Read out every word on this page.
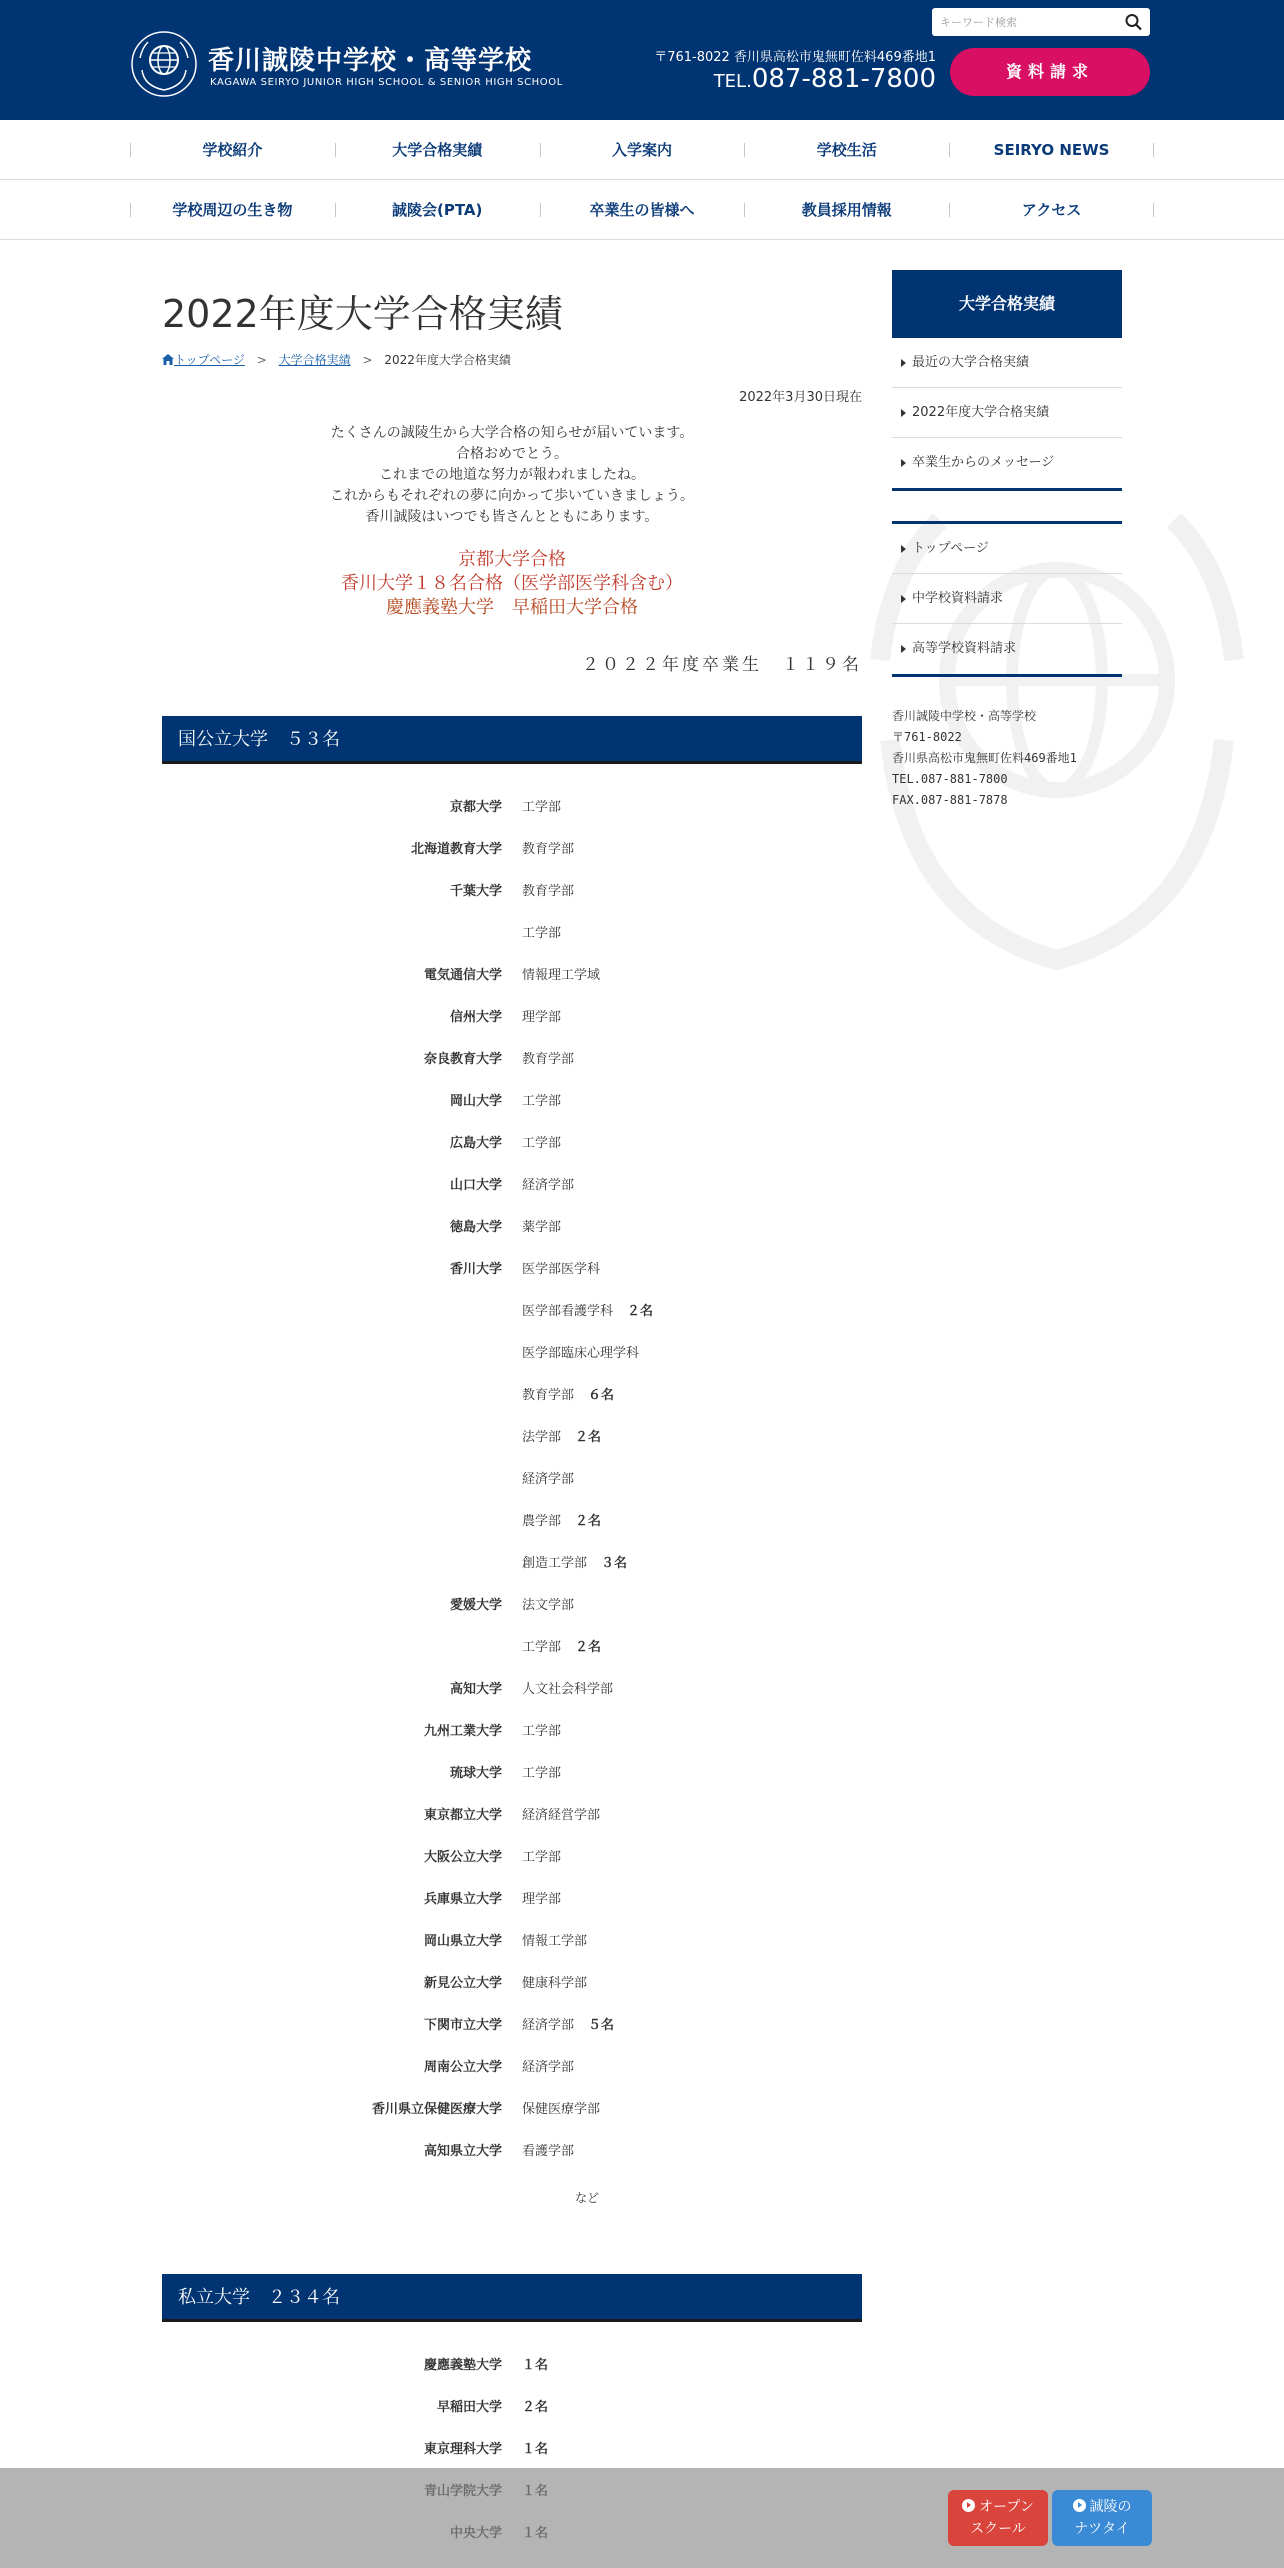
香川誠陵中学校・高等学校
KAGAWA SEIRYO JUNIOR HIGH SCHOOL & SENIOR HIGH SCHOOL
キーワード検索
〒761-8022 香川県高松市鬼無町佐料469番地1
TEL.087-881-7800	資料請求
学校紹介	大学合格実績	入学案内	学校生活	SEIRYO NEWS
学校周辺の生き物	誠陵会(PTA)	卒業生の皆様へ	教員採用情報	アクセス
2022年度大学合格実績
トップページ > 大学合格実績 > 2022年度大学合格実績
2022年3月30日現在
たくさんの誠陵生から大学合格の知らせが届いています。
合格おめでとう。
これまでの地道な努力が報われましたね。
これからもそれぞれの夢に向かって歩いていきましょう。
香川誠陵はいつでも皆さんとともにあります。
京都大学合格
香川大学１８名合格（医学部医学科含む）
慶應義塾大学　早稲田大学合格
２０２２年度卒業生　１１９名
国公立大学　５３名
京都大学 工学部
北海道教育大学 教育学部
千葉大学 教育学部
工学部
電気通信大学 情報理工学域
信州大学 理学部
奈良教育大学 教育学部
岡山大学 工学部
広島大学 工学部
山口大学 経済学部
徳島大学 薬学部
香川大学 医学部医学科
医学部看護学科 ２名
医学部臨床心理学科
教育学部 ６名
法学部 ２名
経済学部
農学部 ２名
創造工学部 ３名
愛媛大学 法文学部
工学部 ２名
高知大学 人文社会科学部
九州工業大学 工学部
琉球大学 工学部
東京都立大学 経済経営学部
大阪公立大学 工学部
兵庫県立大学 理学部
岡山県立大学 情報工学部
新見公立大学 健康科学部
下関市立大学 経済学部 ５名
周南公立大学 経済学部
香川県立保健医療大学 保健医療学部
高知県立大学 看護学部
など
私立大学　２３４名
慶應義塾大学 １名
早稲田大学 ２名
東京理科大学 １名
大学合格実績
最近の大学合格実績
2022年度大学合格実績
卒業生からのメッセージ
トップページ
中学校資料請求
高等学校資料請求
香川誠陵中学校・高等学校
〒761-8022
香川県高松市鬼無町佐料469番地1
TEL.087-881-7800
FAX.087-881-7878
オープン
スクール
誠陵の
ナツタイ
